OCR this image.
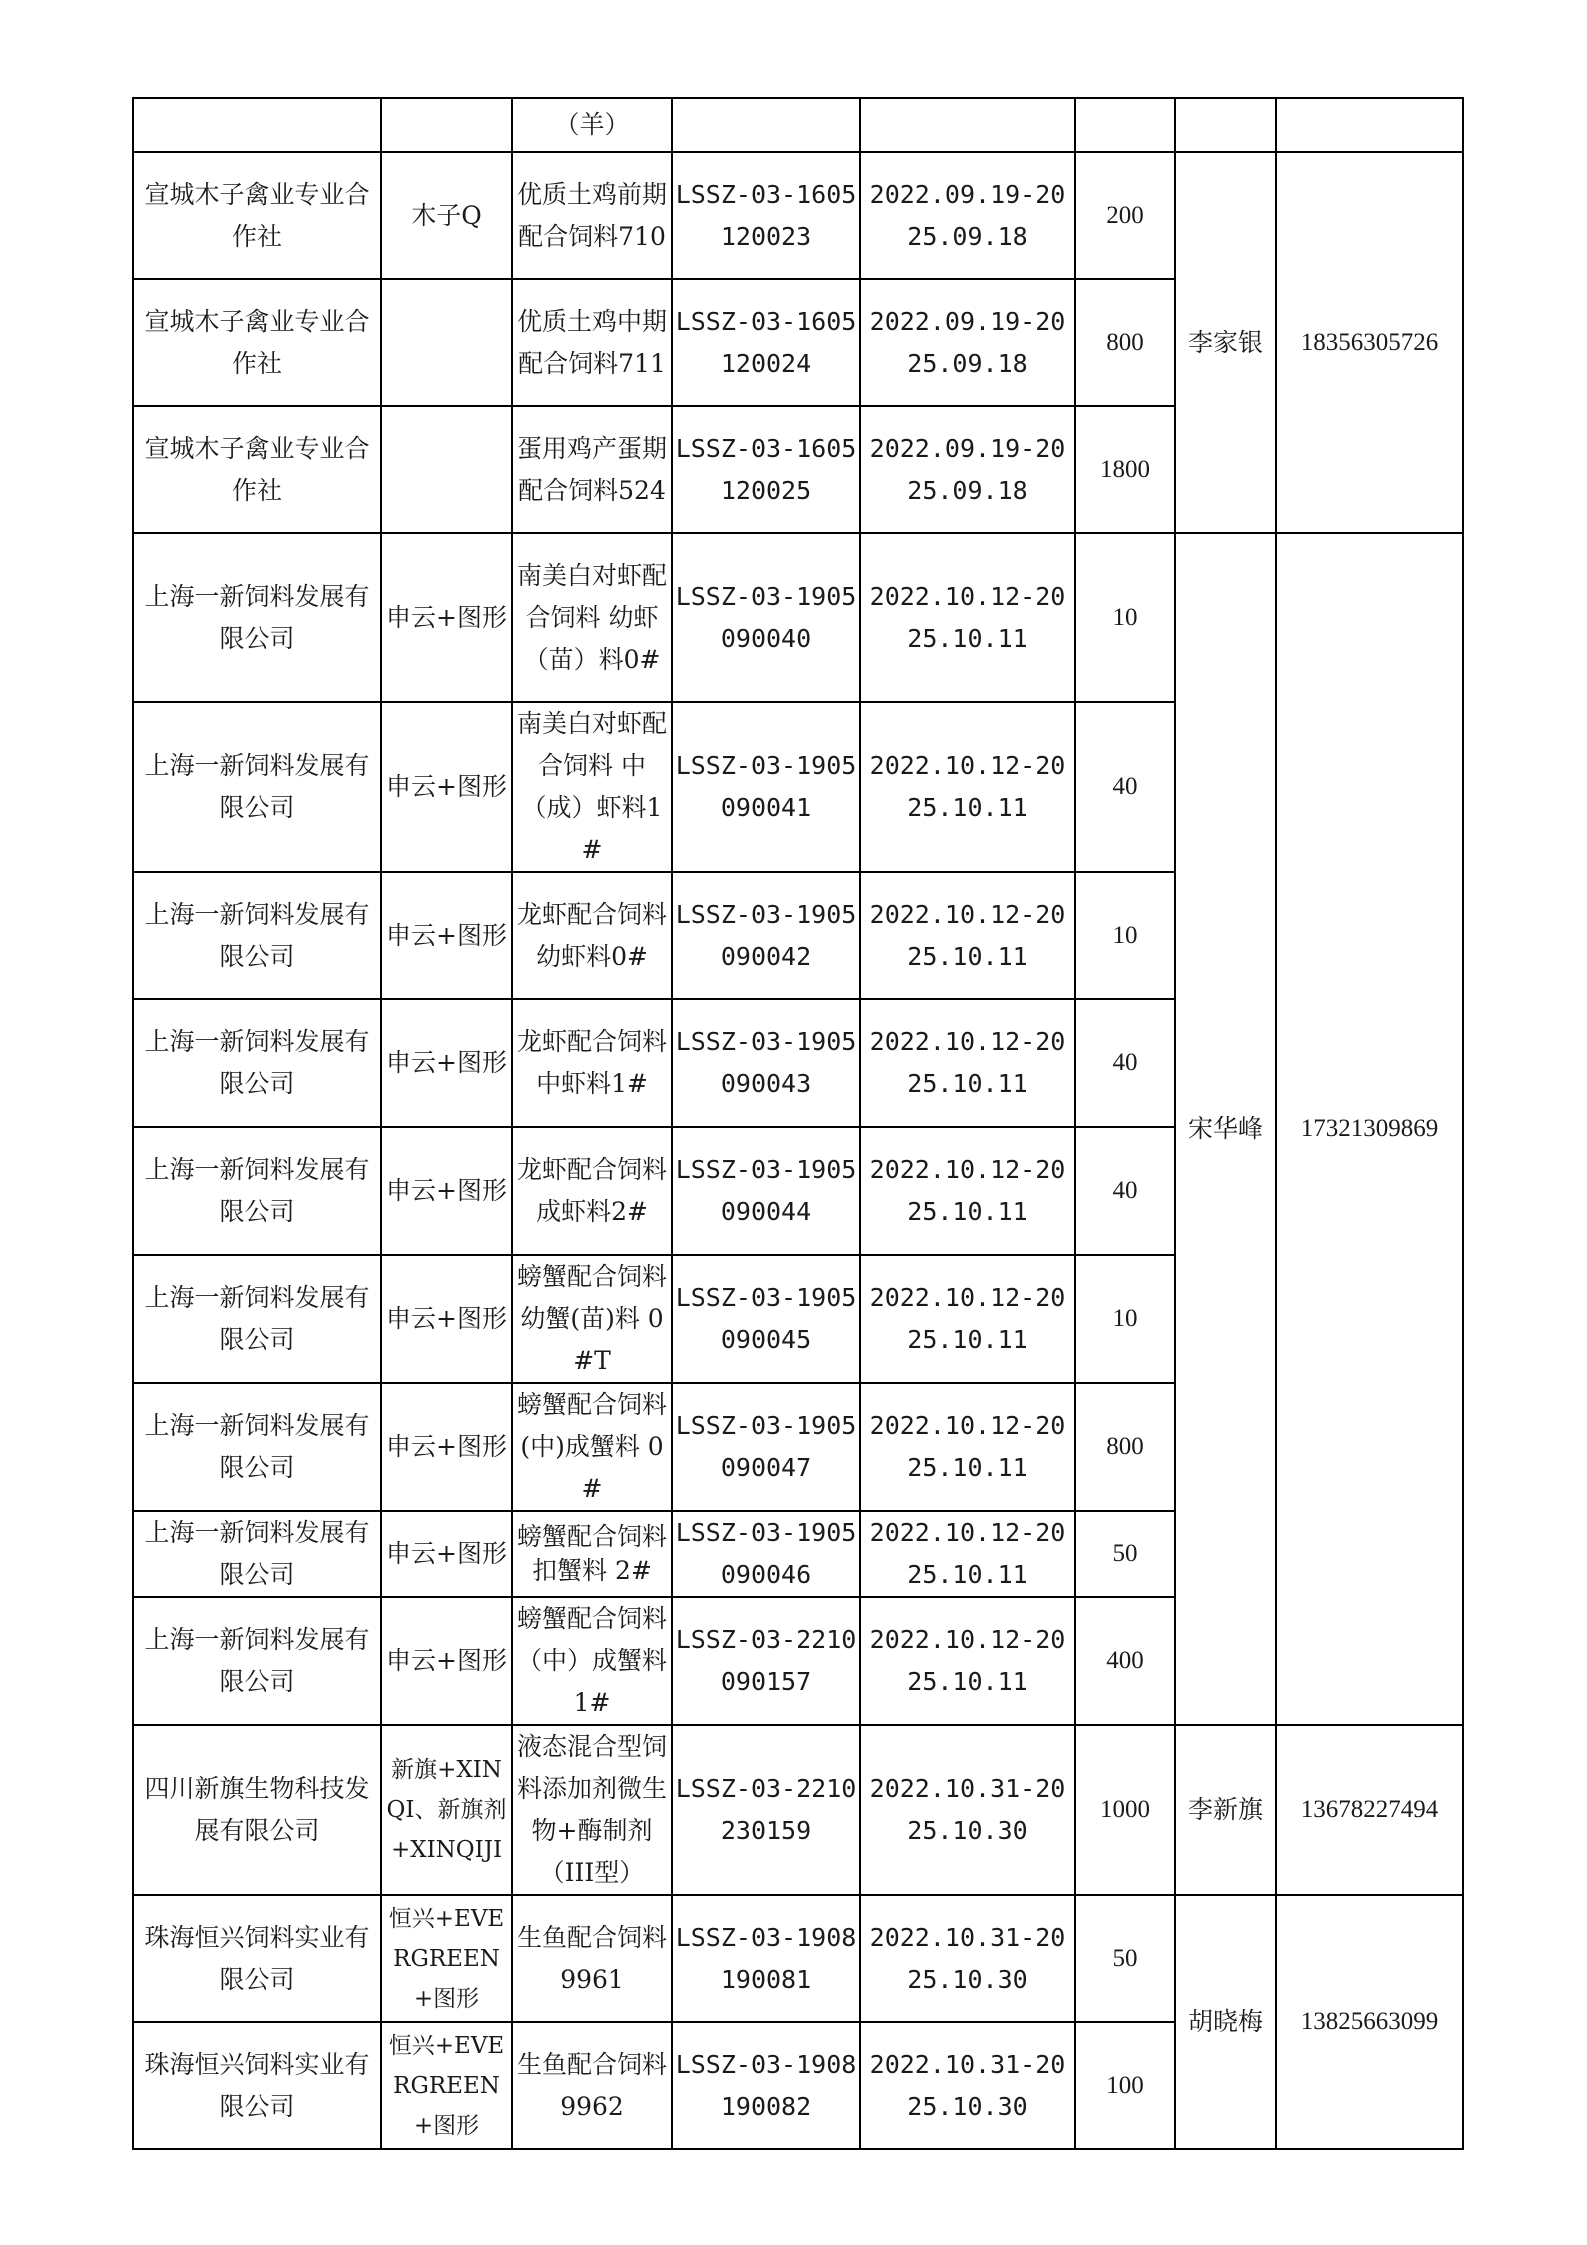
		（羊）					
宣城木子禽业专业合作社	木子Q	优质土鸡前期配合饲料710	LSSZ-03-1605120023	2022.09.19-2025.09.18	200	李家银	18356305726
宣城木子禽业专业合作社		优质土鸡中期配合饲料711	LSSZ-03-1605120024	2022.09.19-2025.09.18	800		
宣城木子禽业专业合作社		蛋用鸡产蛋期配合饲料524	LSSZ-03-1605120025	2022.09.19-2025.09.18	1800		
上海一新饲料发展有限公司	申云+图形	南美白对虾配合饲料 幼虾（苗）料0#	LSSZ-03-1905090040	2022.10.12-2025.10.11	10	宋华峰	17321309869
上海一新饲料发展有限公司	申云+图形	南美白对虾配合饲料 中（成）虾料1#	LSSZ-03-1905090041	2022.10.12-2025.10.11	40		
上海一新饲料发展有限公司	申云+图形	龙虾配合饲料 幼虾料0#	LSSZ-03-1905090042	2022.10.12-2025.10.11	10		
上海一新饲料发展有限公司	申云+图形	龙虾配合饲料 中虾料1#	LSSZ-03-1905090043	2022.10.12-2025.10.11	40		
上海一新饲料发展有限公司	申云+图形	龙虾配合饲料 成虾料2#	LSSZ-03-1905090044	2022.10.12-2025.10.11	40		
上海一新饲料发展有限公司	申云+图形	螃蟹配合饲料 幼蟹(苗)料 0#T	LSSZ-03-1905090045	2022.10.12-2025.10.11	10		
上海一新饲料发展有限公司	申云+图形	螃蟹配合饲料(中)成蟹料 0#	LSSZ-03-1905090047	2022.10.12-2025.10.11	800		
上海一新饲料发展有限公司	申云+图形	螃蟹配合饲料扣蟹料 2#	LSSZ-03-1905090046	2022.10.12-2025.10.11	50		
上海一新饲料发展有限公司	申云+图形	螃蟹配合饲料（中）成蟹料 1#	LSSZ-03-2210090157	2022.10.12-2025.10.11	400		
四川新旗生物科技发展有限公司	新旗+XINQI、新旗剂+XINQIJI	液态混合型饲料添加剂微生物+酶制剂（III型）	LSSZ-03-2210230159	2022.10.31-2025.10.30	1000	李新旗	13678227494
珠海恒兴饲料实业有限公司	恒兴+EVERGREEN+图形	生鱼配合饲料9961	LSSZ-03-1908190081	2022.10.31-2025.10.30	50	胡晓梅	13825663099
珠海恒兴饲料实业有限公司	恒兴+EVERGREEN+图形	生鱼配合饲料9962	LSSZ-03-1908190082	2022.10.31-2025.10.30	100		
